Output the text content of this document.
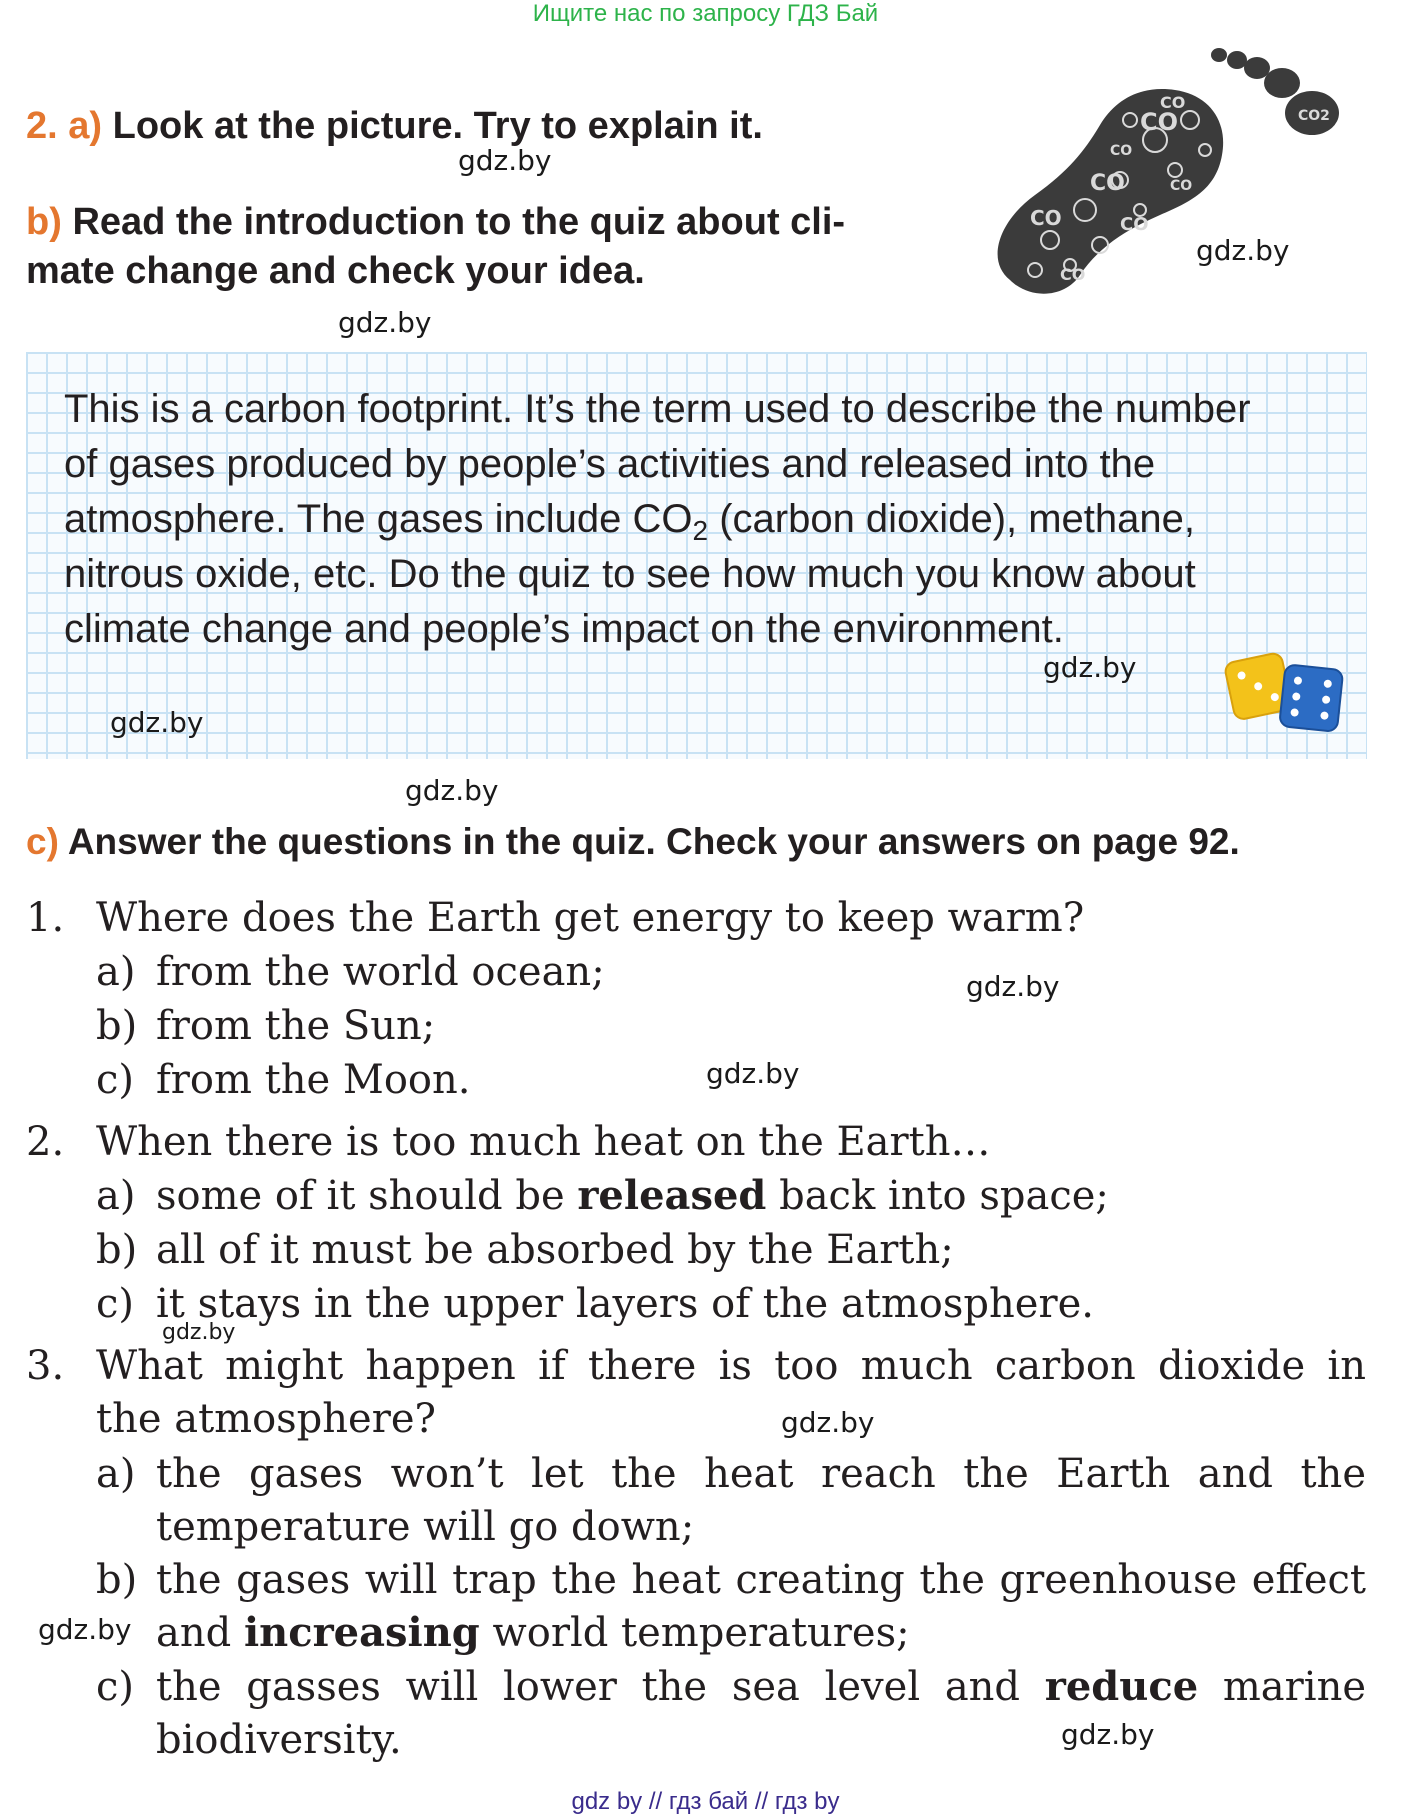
Ищите нас по запросу ГДЗ Бай
2. a) Look at the picture. Try to explain it.
gdz.by
b) Read the introduction to the quiz about cli-
mate change and check your idea.
gdz.by
CO
CO
CO
CO
CO
CO
CO
CO
CO2
gdz.by
This is a carbon footprint. It’s the term used to describe the number
of gases produced by people’s activities and released into the
atmosphere. The gases include $CO_2$ (carbon dioxide), methane,
nitrous oxide, etc. Do the quiz to see how much you know about
climate change and people’s impact on the environment.
gdz.by
gdz.by
gdz.by
c) Answer the questions in the quiz. Check your answers on page 92.
1. Where does the Earth get energy to keep warm?
a) from the world ocean;	gdz.by
b) from the Sun;
c) from the Moon.	gdz.by
2. When there is too much heat on the Earth…
a) some of it should be released back into space;
b) all of it must be absorbed by the Earth;
c) it stays in the upper layers of the atmosphere.
gdz.by
3. What might happen if there is too much carbon dioxide in
the atmosphere?	gdz.by
a) the gases won’t let the heat reach the Earth and the
temperature will go down;
b) the gases will trap the heat creating the greenhouse effect
gdz.by and increasing world temperatures;
c) the gasses will lower the sea level and reduce marine
biodiversity.	gdz.by
gdz by // гдз бай // гдз by
